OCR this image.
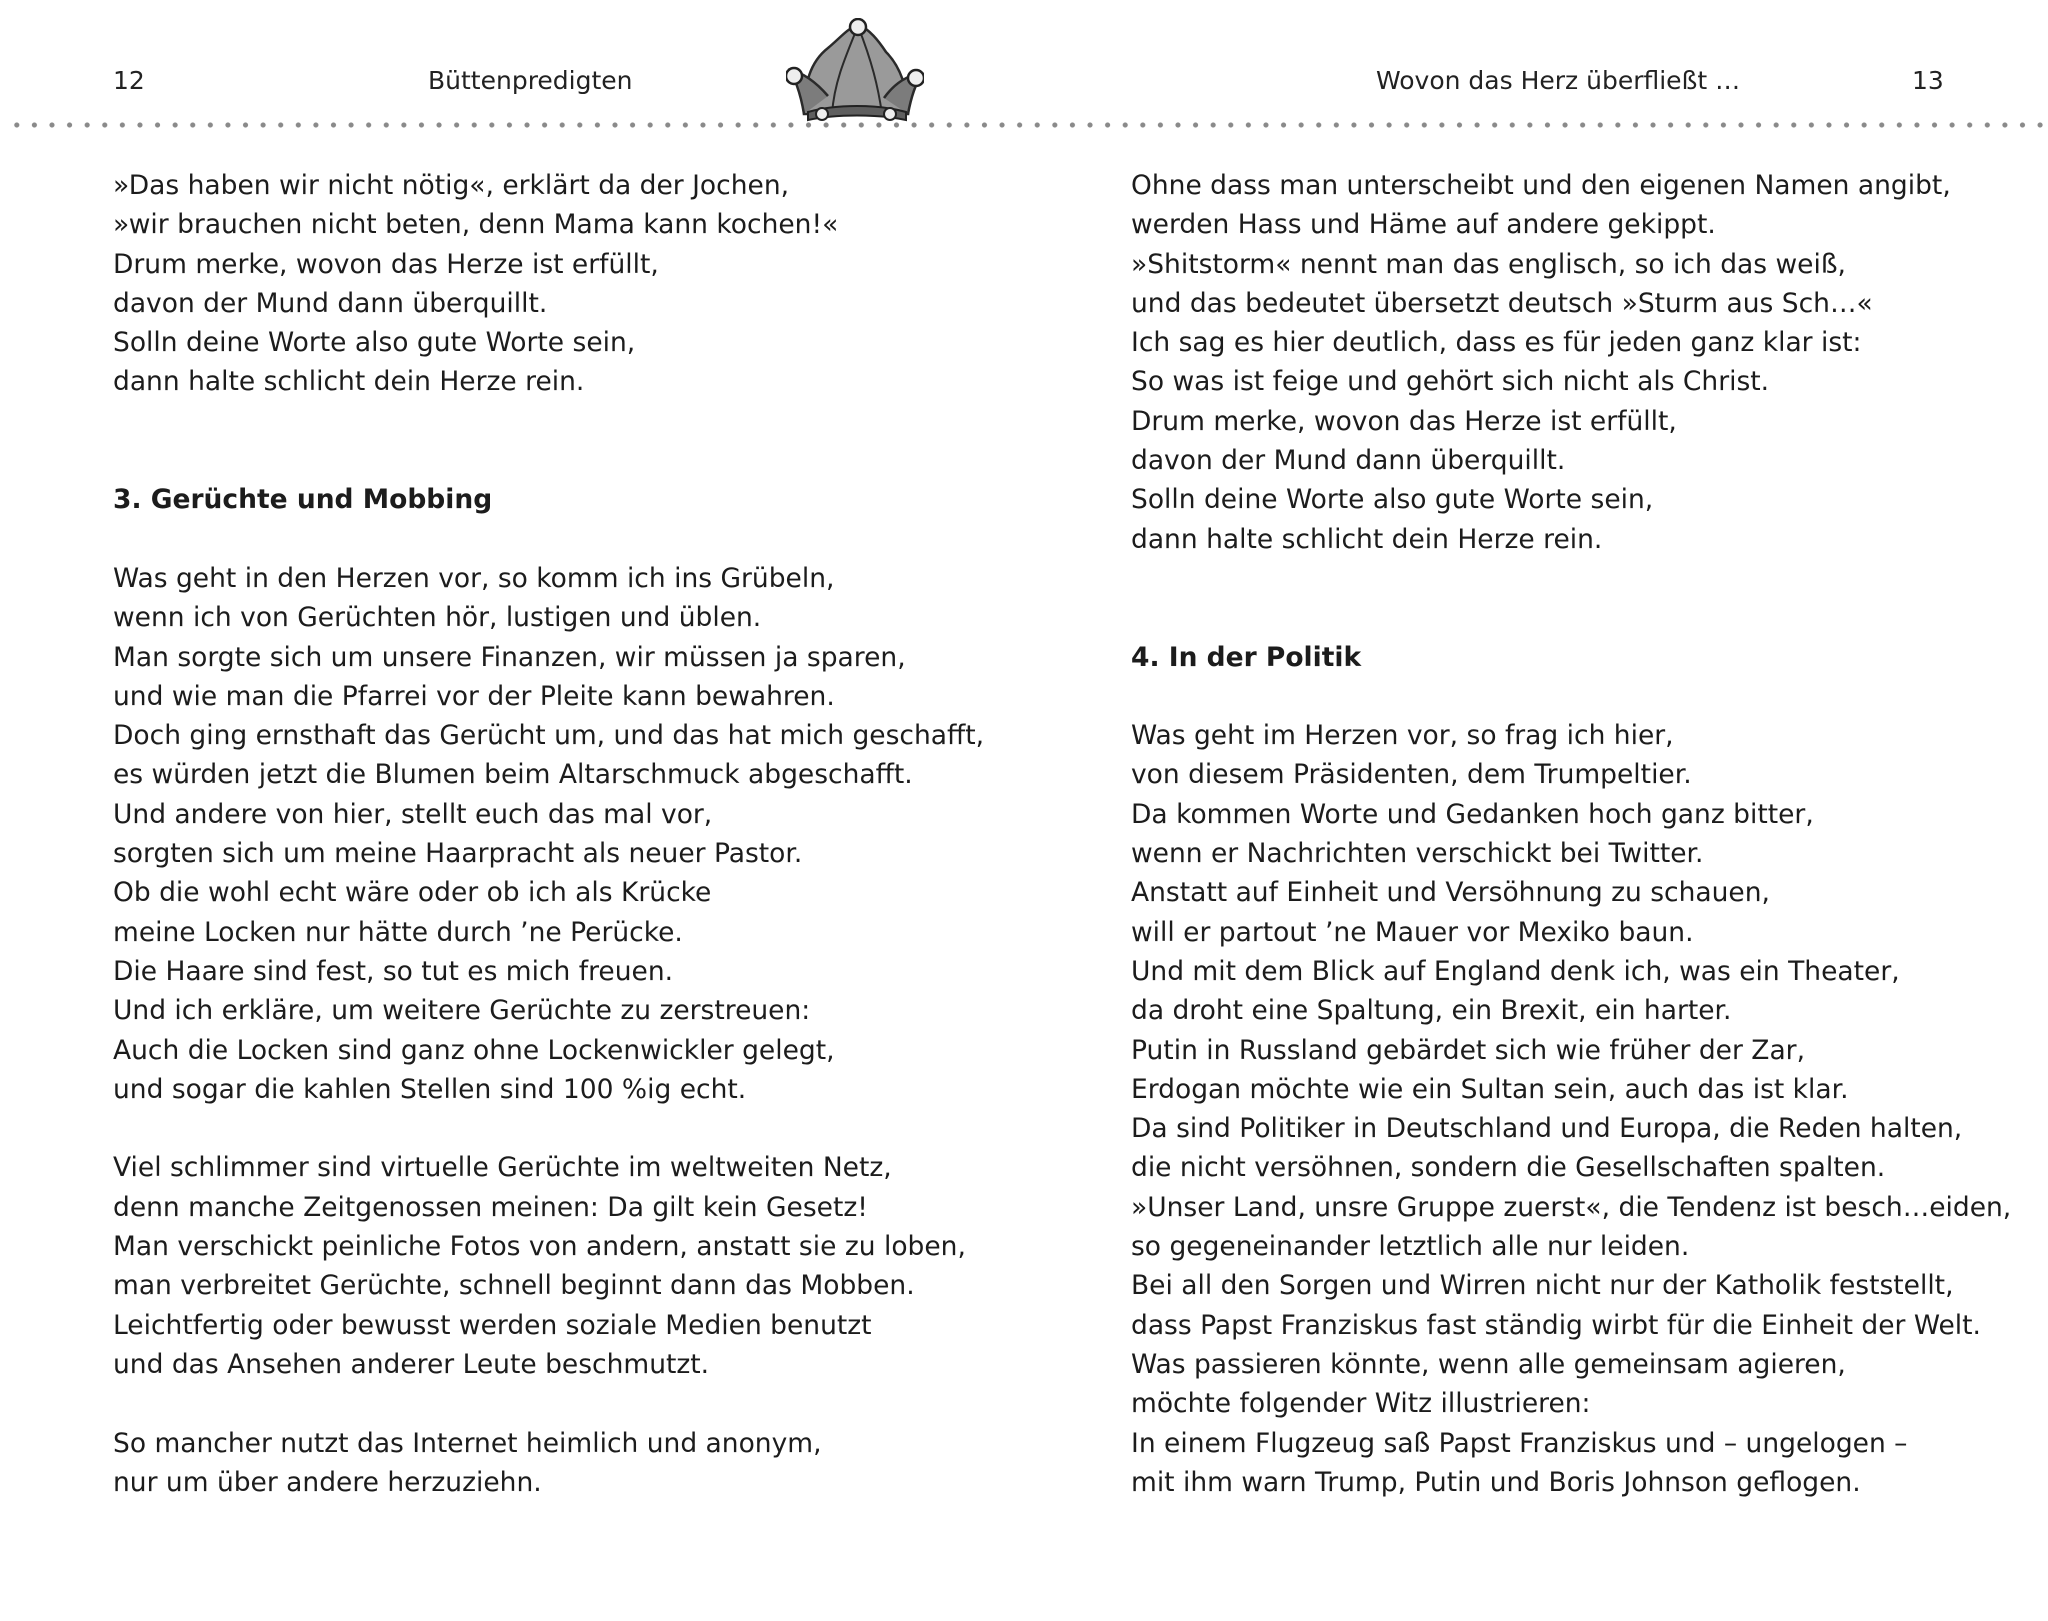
12	Büttenpredigten	Wovon das Herz überfließt …	13
»Das haben wir nicht nötig«, erklärt da der Jochen,
»wir brauchen nicht beten, denn Mama kann kochen!«
Drum merke, wovon das Herze ist erfüllt,
davon der Mund dann überquillt.
Solln deine Worte also gute Worte sein,
dann halte schlicht dein Herze rein.
3. Gerüchte und Mobbing
Was geht in den Herzen vor, so komm ich ins Grübeln,
wenn ich von Gerüchten hör, lustigen und üblen.
Man sorgte sich um unsere Finanzen, wir müssen ja sparen,
und wie man die Pfarrei vor der Pleite kann bewahren.
Doch ging ernsthaft das Gerücht um, und das hat mich geschafft,
es würden jetzt die Blumen beim Altarschmuck abgeschafft.
Und andere von hier, stellt euch das mal vor,
sorgten sich um meine Haarpracht als neuer Pastor.
Ob die wohl echt wäre oder ob ich als Krücke
meine Locken nur hätte durch ’ne Perücke.
Die Haare sind fest, so tut es mich freuen.
Und ich erkläre, um weitere Gerüchte zu zerstreuen:
Auch die Locken sind ganz ohne Lockenwickler gelegt,
und sogar die kahlen Stellen sind 100 %ig echt.
Viel schlimmer sind virtuelle Gerüchte im weltweiten Netz,
denn manche Zeitgenossen meinen: Da gilt kein Gesetz!
Man verschickt peinliche Fotos von andern, anstatt sie zu loben,
man verbreitet Gerüchte, schnell beginnt dann das Mobben.
Leichtfertig oder bewusst werden soziale Medien benutzt
und das Ansehen anderer Leute beschmutzt.
So mancher nutzt das Internet heimlich und anonym,
nur um über andere herzuziehn.
Ohne dass man unterscheibt und den eigenen Namen angibt,
werden Hass und Häme auf andere gekippt.
»Shitstorm« nennt man das englisch, so ich das weiß,
und das bedeutet übersetzt deutsch »Sturm aus Sch…«
Ich sag es hier deutlich, dass es für jeden ganz klar ist:
So was ist feige und gehört sich nicht als Christ.
Drum merke, wovon das Herze ist erfüllt,
davon der Mund dann überquillt.
Solln deine Worte also gute Worte sein,
dann halte schlicht dein Herze rein.
4. In der Politik
Was geht im Herzen vor, so frag ich hier,
von diesem Präsidenten, dem Trumpeltier.
Da kommen Worte und Gedanken hoch ganz bitter,
wenn er Nachrichten verschickt bei Twitter.
Anstatt auf Einheit und Versöhnung zu schauen,
will er partout ’ne Mauer vor Mexiko baun.
Und mit dem Blick auf England denk ich, was ein Theater,
da droht eine Spaltung, ein Brexit, ein harter.
Putin in Russland gebärdet sich wie früher der Zar,
Erdogan möchte wie ein Sultan sein, auch das ist klar.
Da sind Politiker in Deutschland und Europa, die Reden halten,
die nicht versöhnen, sondern die Gesellschaften spalten.
»Unser Land, unsre Gruppe zuerst«, die Tendenz ist besch…eiden,
so gegeneinander letztlich alle nur leiden.
Bei all den Sorgen und Wirren nicht nur der Katholik feststellt,
dass Papst Franziskus fast ständig wirbt für die Einheit der Welt.
Was passieren könnte, wenn alle gemeinsam agieren,
möchte folgender Witz illustrieren:
In einem Flugzeug saß Papst Franziskus und – ungelogen –
mit ihm warn Trump, Putin und Boris Johnson geflogen.
